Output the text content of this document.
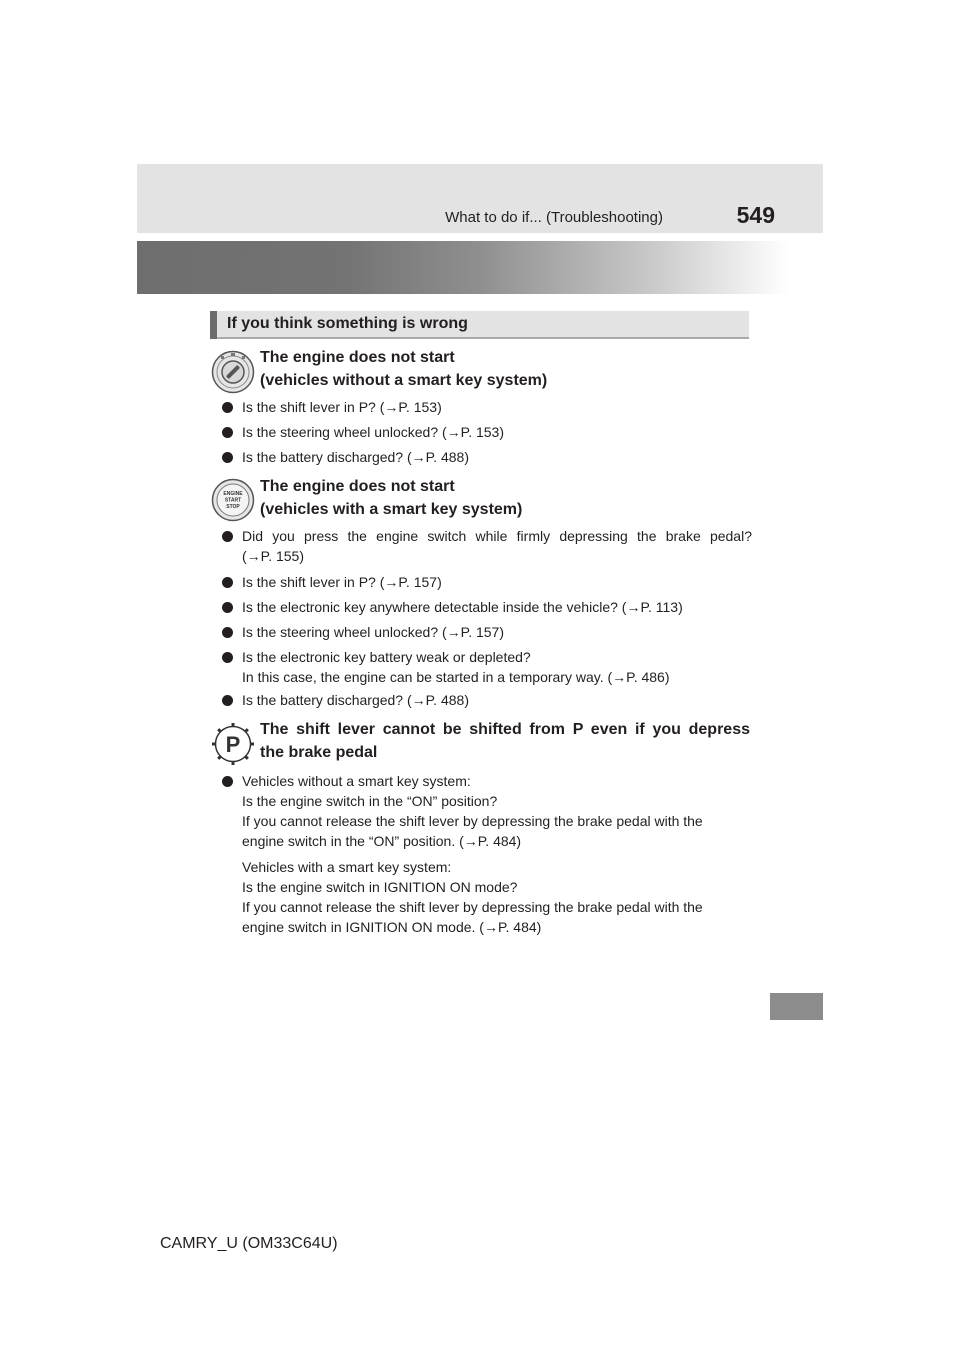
What to do if... (Troubleshooting)	549
If you think something is wrong
The engine does not start
(vehicles without a smart key system)
Is the shift lever in P? (→P. 153)
Is the steering wheel unlocked? (→P. 153)
Is the battery discharged? (→P. 488)
ENGINE
START
STOP
The engine does not start
(vehicles with a smart key system)
Did you press the engine switch while firmly depressing the brake pedal?
(→P. 155)
Is the shift lever in P? (→P. 157)
Is the electronic key anywhere detectable inside the vehicle? (→P. 113)
Is the steering wheel unlocked? (→P. 157)
Is the electronic key battery weak or depleted?
In this case, the engine can be started in a temporary way. (→P. 486)
Is the battery discharged? (→P. 488)
P
The shift lever cannot be shifted from P even if you depress
the brake pedal
Vehicles without a smart key system:
Is the engine switch in the “ON” position?
If you cannot release the shift lever by depressing the brake pedal with the
engine switch in the “ON” position. (→P. 484)
Vehicles with a smart key system:
Is the engine switch in IGNITION ON mode?
If you cannot release the shift lever by depressing the brake pedal with the
engine switch in IGNITION ON mode. (→P. 484)
CAMRY_U (OM33C64U)
